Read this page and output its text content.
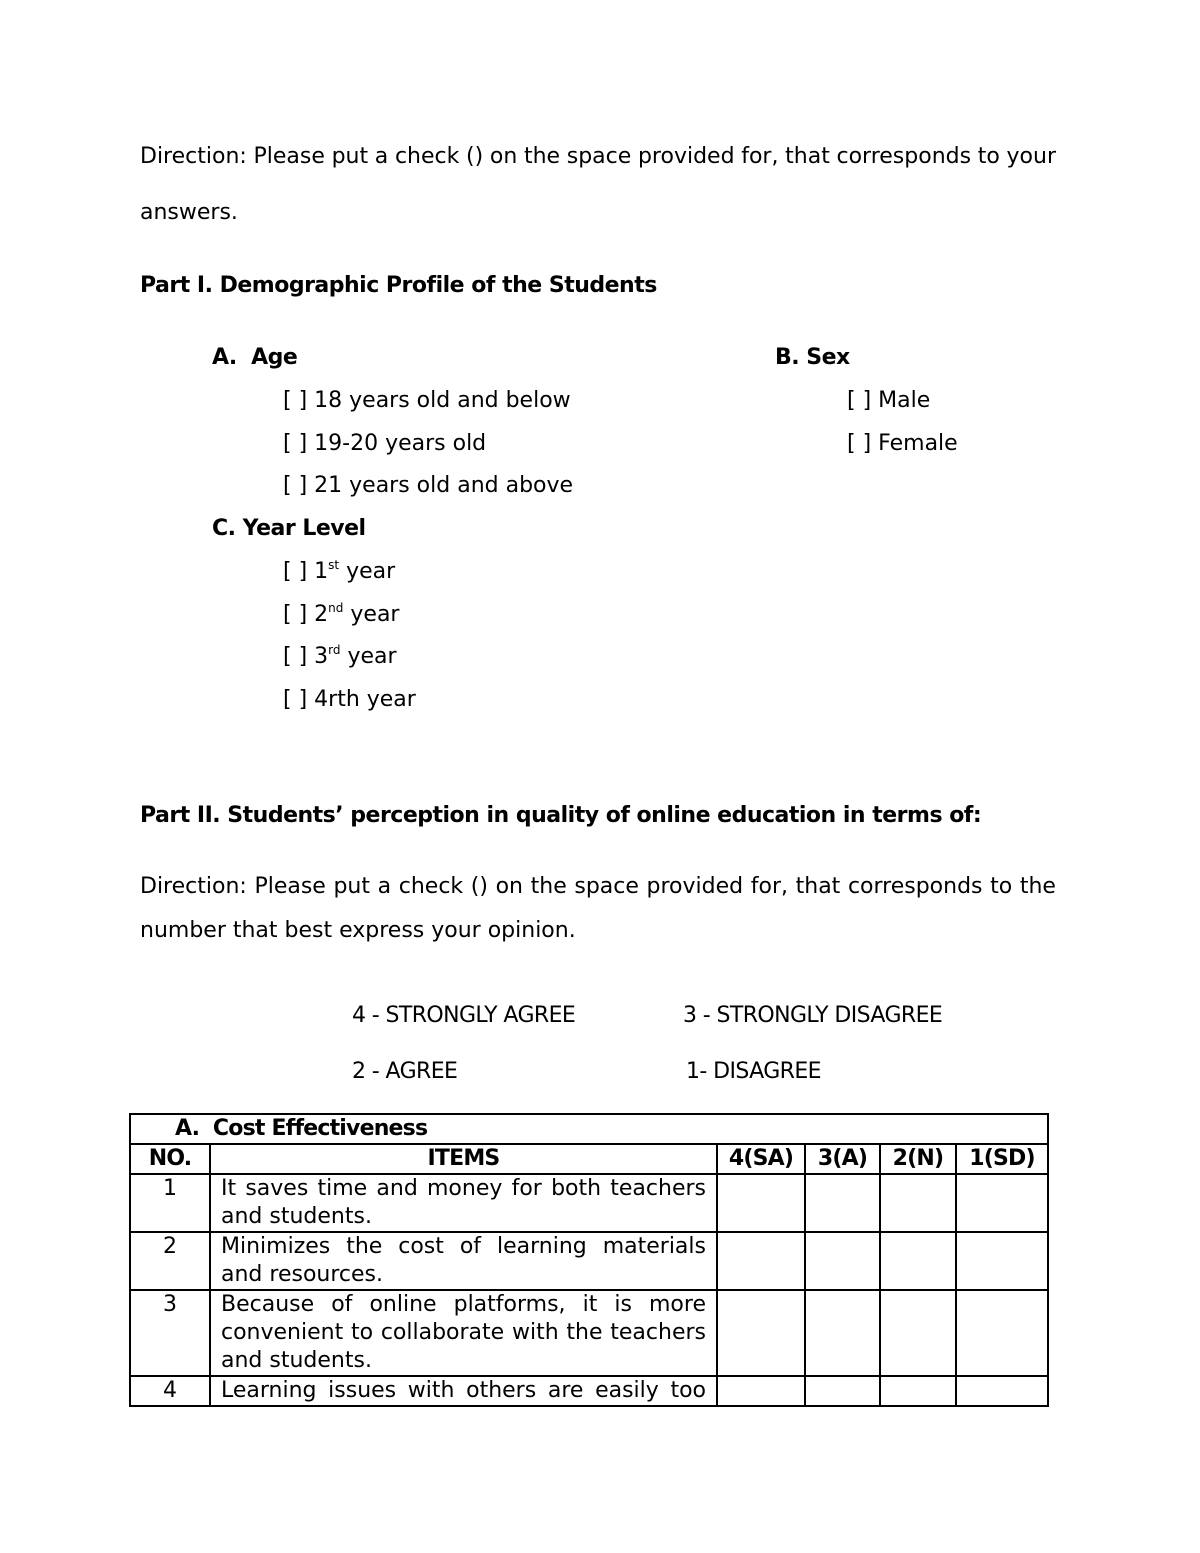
Direction: Please put a check () on the space provided for, that corresponds to your
answers.
Part I. Demographic Profile of the Students
A.  Age
[ ] 18 years old and below
[ ] 19-20 years old
[ ] 21 years old and above
B. Sex
[ ] Male
[ ] Female
C. Year Level
[ ] 1st year
[ ] 2nd year
[ ] 3rd year
[ ] 4rth year
Part II. Students’ perception in quality of online education in terms of:
Direction: Please put a check () on the space provided for, that corresponds to the
number that best express your opinion.
4 - STRONGLY AGREE	3 - STRONGLY DISAGREE
2 - AGREE	1- DISAGREE
A.  Cost Effectiveness					
NO.	ITEMS	4(SA)	3(A)	2(N)	1(SD)
1	It saves time and money for both teachers and students.				
2	Minimizes the cost of learning materials and resources.				
3	Because of online platforms, it is more convenient to collaborate with the teachers and students.				
4	Learning issues with others are easily too				
